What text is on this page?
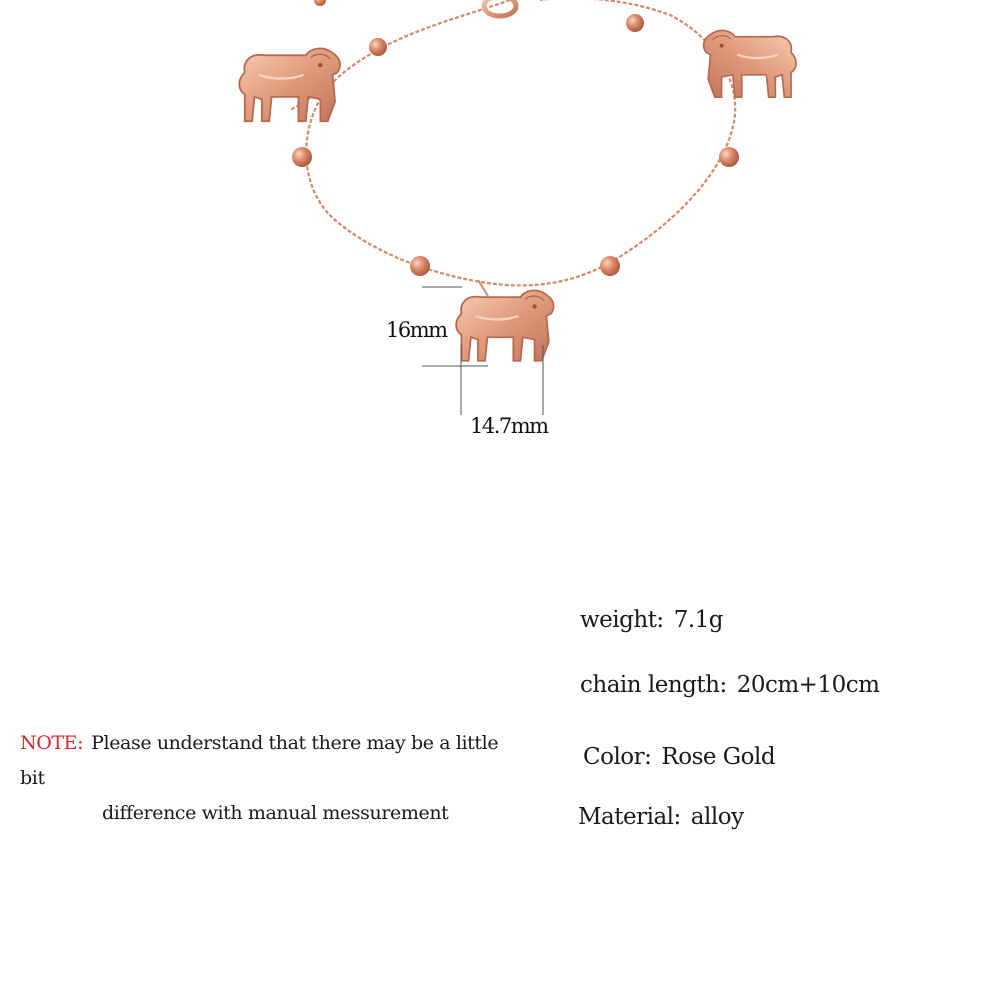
16mm
14.7mm
weight: 7.1g
chain length: 20cm+10cm
Color: Rose Gold
Material: alloy
NOTE: Please understand that there may be a little bit
difference with manual messurement
